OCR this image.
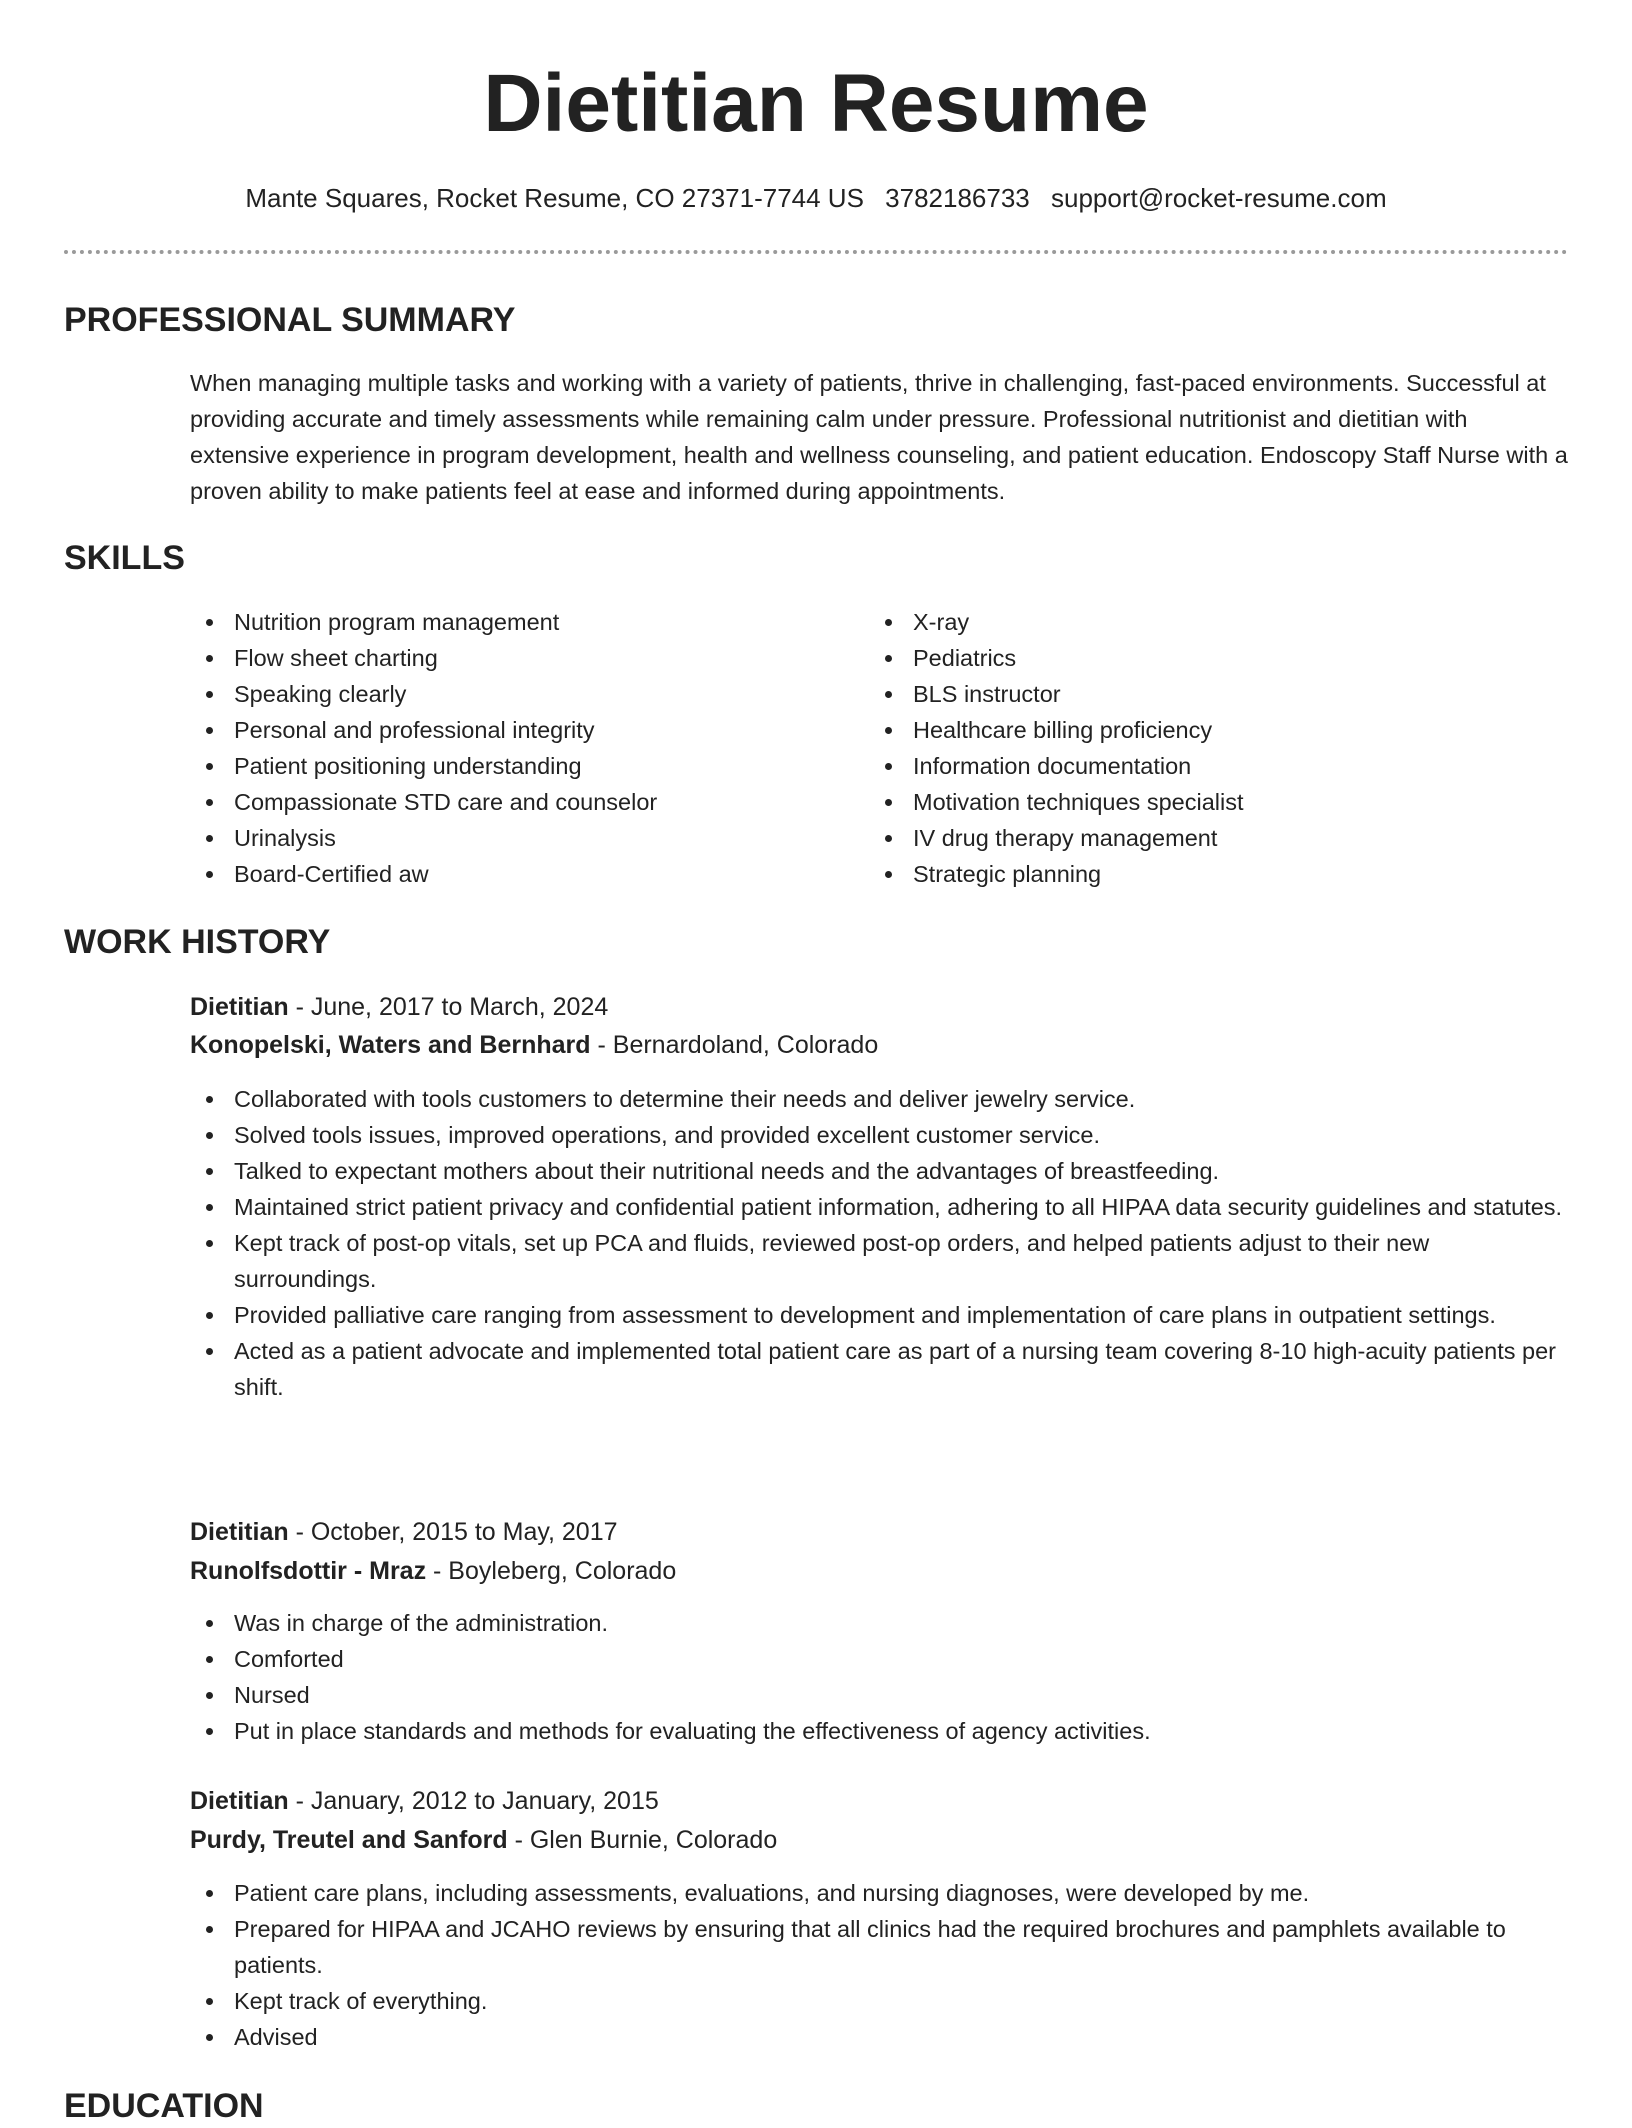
Dietitian Resume
Mante Squares, Rocket Resume, CO 27371-7744 US 3782186733 support@rocket-resume.com
PROFESSIONAL SUMMARY

When managing multiple tasks and working with a variety of patients, thrive in challenging, fast-paced environments. Successful at providing accurate and timely assessments while remaining calm under pressure. Professional nutritionist and dietitian with extensive experience in program development, health and wellness counseling, and patient education. Endoscopy Staff Nurse with a proven ability to make patients feel at ease and informed during appointments.

SKILLS
Nutrition program management
Flow sheet charting
Speaking clearly
Personal and professional integrity
Patient positioning understanding
Compassionate STD care and counselor
Urinalysis
Board-Certified aw
X-ray
Pediatrics
BLS instructor
Healthcare billing proficiency
Information documentation
Motivation techniques specialist
IV drug therapy management
Strategic planning
WORK HISTORY
Dietitian - June, 2017 to March, 2024
Konopelski, Waters and Bernhard - Bernardoland, Colorado
Collaborated with tools customers to determine their needs and deliver jewelry service.
Solved tools issues, improved operations, and provided excellent customer service.
Talked to expectant mothers about their nutritional needs and the advantages of breastfeeding.
Maintained strict patient privacy and confidential patient information, adhering to all HIPAA data security guidelines and statutes.
Kept track of post-op vitals, set up PCA and fluids, reviewed post-op orders, and helped patients adjust to their new surroundings.
Provided palliative care ranging from assessment to development and implementation of care plans in outpatient settings.
Acted as a patient advocate and implemented total patient care as part of a nursing team covering 8-10 high-acuity patients per shift.
Dietitian - October, 2015 to May, 2017
Runolfsdottir - Mraz - Boyleberg, Colorado
Was in charge of the administration.
Comforted
Nursed
Put in place standards and methods for evaluating the effectiveness of agency activities.
Dietitian - January, 2012 to January, 2015
Purdy, Treutel and Sanford - Glen Burnie, Colorado
Patient care plans, including assessments, evaluations, and nursing diagnoses, were developed by me.
Prepared for HIPAA and JCAHO reviews by ensuring that all clinics had the required brochures and pamphlets available to patients.
Kept track of everything.
Advised
EDUCATION
